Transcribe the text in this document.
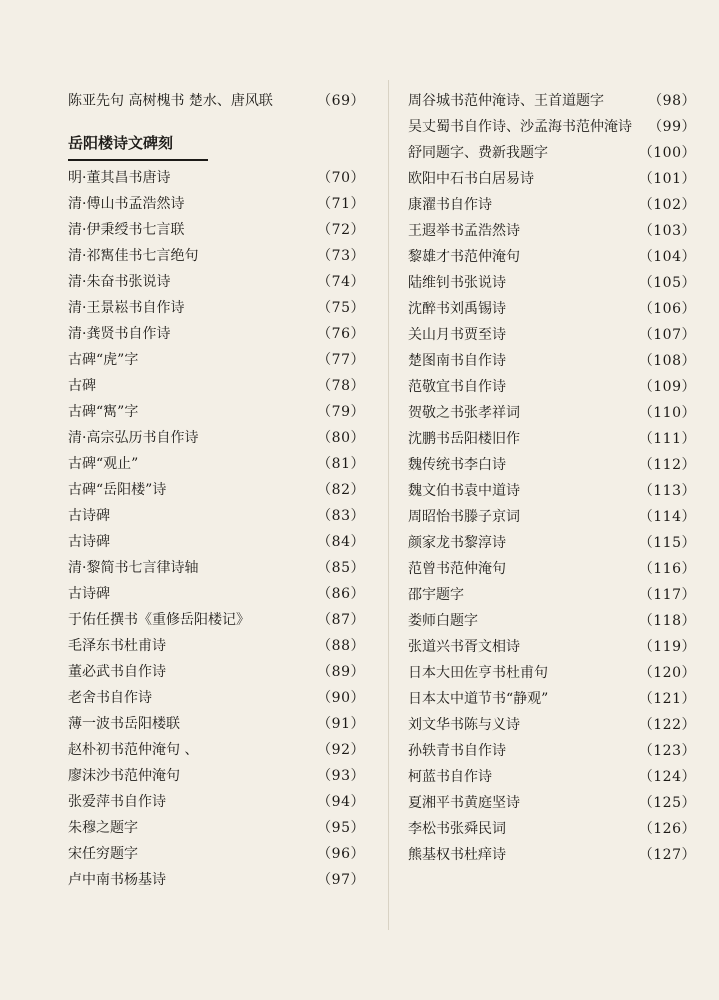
陈亚先句 高树槐书 楚水、唐风联	（69）
岳阳楼诗文碑刻
明·董其昌书唐诗	（70）
清·傅山书孟浩然诗	（71）
清·伊秉绶书七言联	（72）
清·祁寯佳书七言绝句	（73）
清·朱奋书张说诗	（74）
清·王景崧书自作诗	（75）
清·龚贤书自作诗	（76）
古碑“虎”字	（77）
古碑	（78）
古碑“寯”字	（79）
清·高宗弘历书自作诗	（80）
古碑“观止”	（81）
古碑“岳阳楼”诗	（82）
古诗碑	（83）
古诗碑	（84）
清·黎简书七言律诗轴	（85）
古诗碑	（86）
于佑任撰书《重修岳阳楼记》	（87）
毛泽东书杜甫诗	（88）
董必武书自作诗	（89）
老舍书自作诗	（90）
薄一波书岳阳楼联	（91）
赵朴初书范仲淹句 、	（92）
廖沫沙书范仲淹句	（93）
张爱萍书自作诗	（94）
朱穆之题字	（95）
宋任穷题字	（96）
卢中南书杨基诗	（97）
周谷城书范仲淹诗、王首道题字	（98）
吴丈蜀书自作诗、沙孟海书范仲淹诗 （99）
舒同题字、费新我题字	（100）
欧阳中石书白居易诗	（101）
康濯书自作诗	（102）
王遐举书孟浩然诗	（103）
黎雄才书范仲淹句	（104）
陆维钊书张说诗	（105）
沈醉书刘禹锡诗	（106）
关山月书贾至诗	（107）
楚图南书自作诗	（108）
范敬宜书自作诗	（109）
贺敬之书张孝祥词	（110）
沈鹏书岳阳楼旧作	（111）
魏传统书李白诗	（112）
魏文伯书袁中道诗	（113）
周昭怡书滕子京词	（114）
颜家龙书黎淳诗	（115）
范曾书范仲淹句	（116）
邵宇题字	（117）
娄师白题字	（118）
张道兴书胥文相诗	（119）
日本大田佐亨书杜甫句	（120）
日本太中道节书“静观”	（121）
刘文华书陈与义诗	（122）
孙轶青书自作诗	（123）
柯蓝书自作诗	（124）
夏湘平书黄庭坚诗	（125）
李松书张舜民词	（126）
熊基权书杜痒诗	（127）
